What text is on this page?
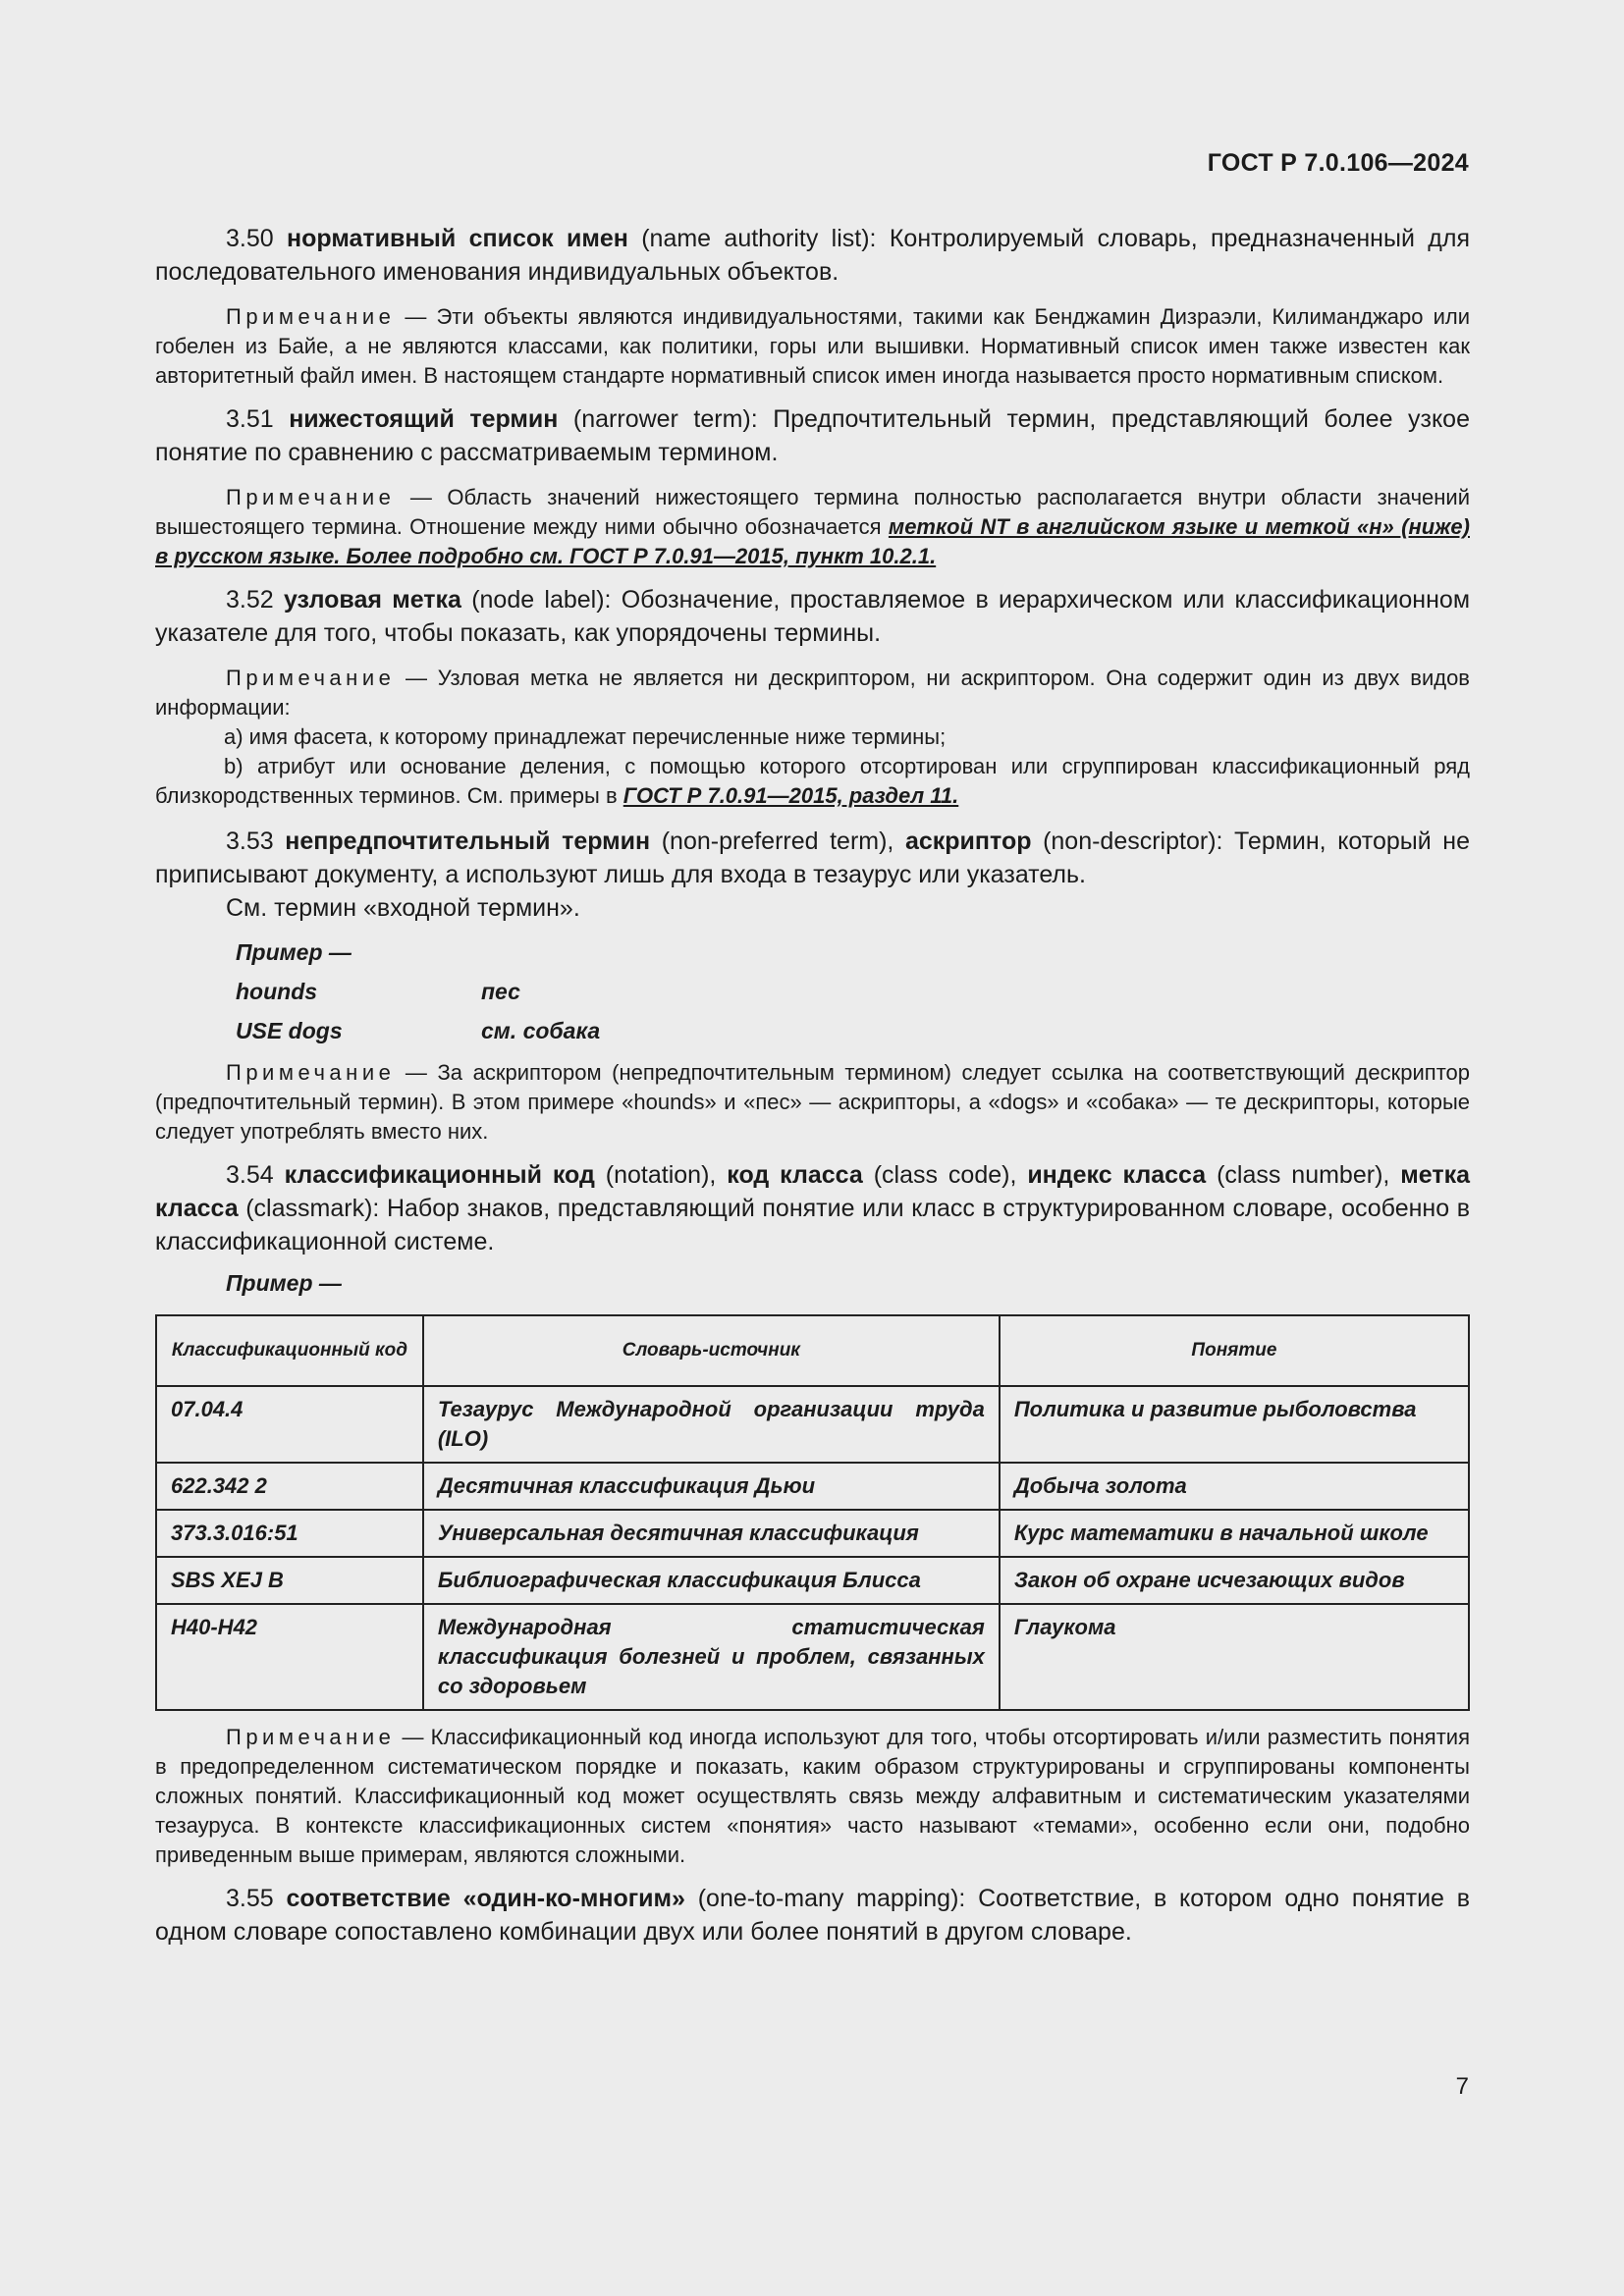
ГОСТ Р 7.0.106—2024

3.50 нормативный список имен (name authority list): Контролируемый словарь, предназначенный для последовательного именования индивидуальных объектов.

Примечание — Эти объекты являются индивидуальностями, такими как Бенджамин Дизраэли, Килиманджаро или гобелен из Байе, а не являются классами, как политики, горы или вышивки. Нормативный список имен также известен как авторитетный файл имен. В настоящем стандарте нормативный список имен иногда называется просто нормативным списком.

3.51 нижестоящий термин (narrower term): Предпочтительный термин, представляющий более узкое понятие по сравнению с рассматриваемым термином.

Примечание — Область значений нижестоящего термина полностью располагается внутри области значений вышестоящего термина. Отношение между ними обычно обозначается меткой NT в английском языке и меткой «н» (ниже) в русском языке. Более подробно см. ГОСТ Р 7.0.91—2015, пункт 10.2.1.

3.52 узловая метка (node label): Обозначение, проставляемое в иерархическом или классификационном указателе для того, чтобы показать, как упорядочены термины.

Примечание — Узловая метка не является ни дескриптором, ни аскриптором. Она содержит один из двух видов информации:

a) имя фасета, к которому принадлежат перечисленные ниже термины;

b) атрибут или основание деления, с помощью которого отсортирован или сгруппирован классификационный ряд близкородственных терминов. См. примеры в ГОСТ Р 7.0.91—2015, раздел 11.

3.53 непредпочтительный термин (non-preferred term), аскриптор (non-descriptor): Термин, который не приписывают документу, а используют лишь для входа в тезаурус или указатель.

См. термин «входной термин».

Пример —
hounds	пес
USE dogs	см. собака

Примечание — За аскриптором (непредпочтительным термином) следует ссылка на соответствующий дескриптор (предпочтительный термин). В этом примере «hounds» и «пес» — аскрипторы, а «dogs» и «собака» — те дескрипторы, которые следует употреблять вместо них.

3.54 классификационный код (notation), код класса (class code), индекс класса (class number), метка класса (classmark): Набор знаков, представляющий понятие или класс в структурированном словаре, особенно в классификационной системе.

Пример —
Классификационный код	Словарь-источник	Понятие
07.04.4	Тезаурус Международной организации труда (ILO)	Политика и развитие рыболовства
622.342 2	Десятичная классификация Дьюи	Добыча золота
373.3.016:51	Универсальная десятичная классификация	Курс математики в начальной школе
SBS XEJ B	Библиографическая классификация Блисса	Закон об охране исчезающих видов
H40-H42	Международная статистическая классификация болезней и проблем, связанных со здоровьем	Глаукома

Примечание — Классификационный код иногда используют для того, чтобы отсортировать и/или разместить понятия в предопределенном систематическом порядке и показать, каким образом структурированы и сгруппированы компоненты сложных понятий. Классификационный код может осуществлять связь между алфавитным и систематическим указателями тезауруса. В контексте классификационных систем «понятия» часто называют «темами», особенно если они, подобно приведенным выше примерам, являются сложными.

3.55 соответствие «один-ко-многим» (one-to-many mapping): Соответствие, в котором одно понятие в одном словаре сопоставлено комбинации двух или более понятий в другом словаре.

7
